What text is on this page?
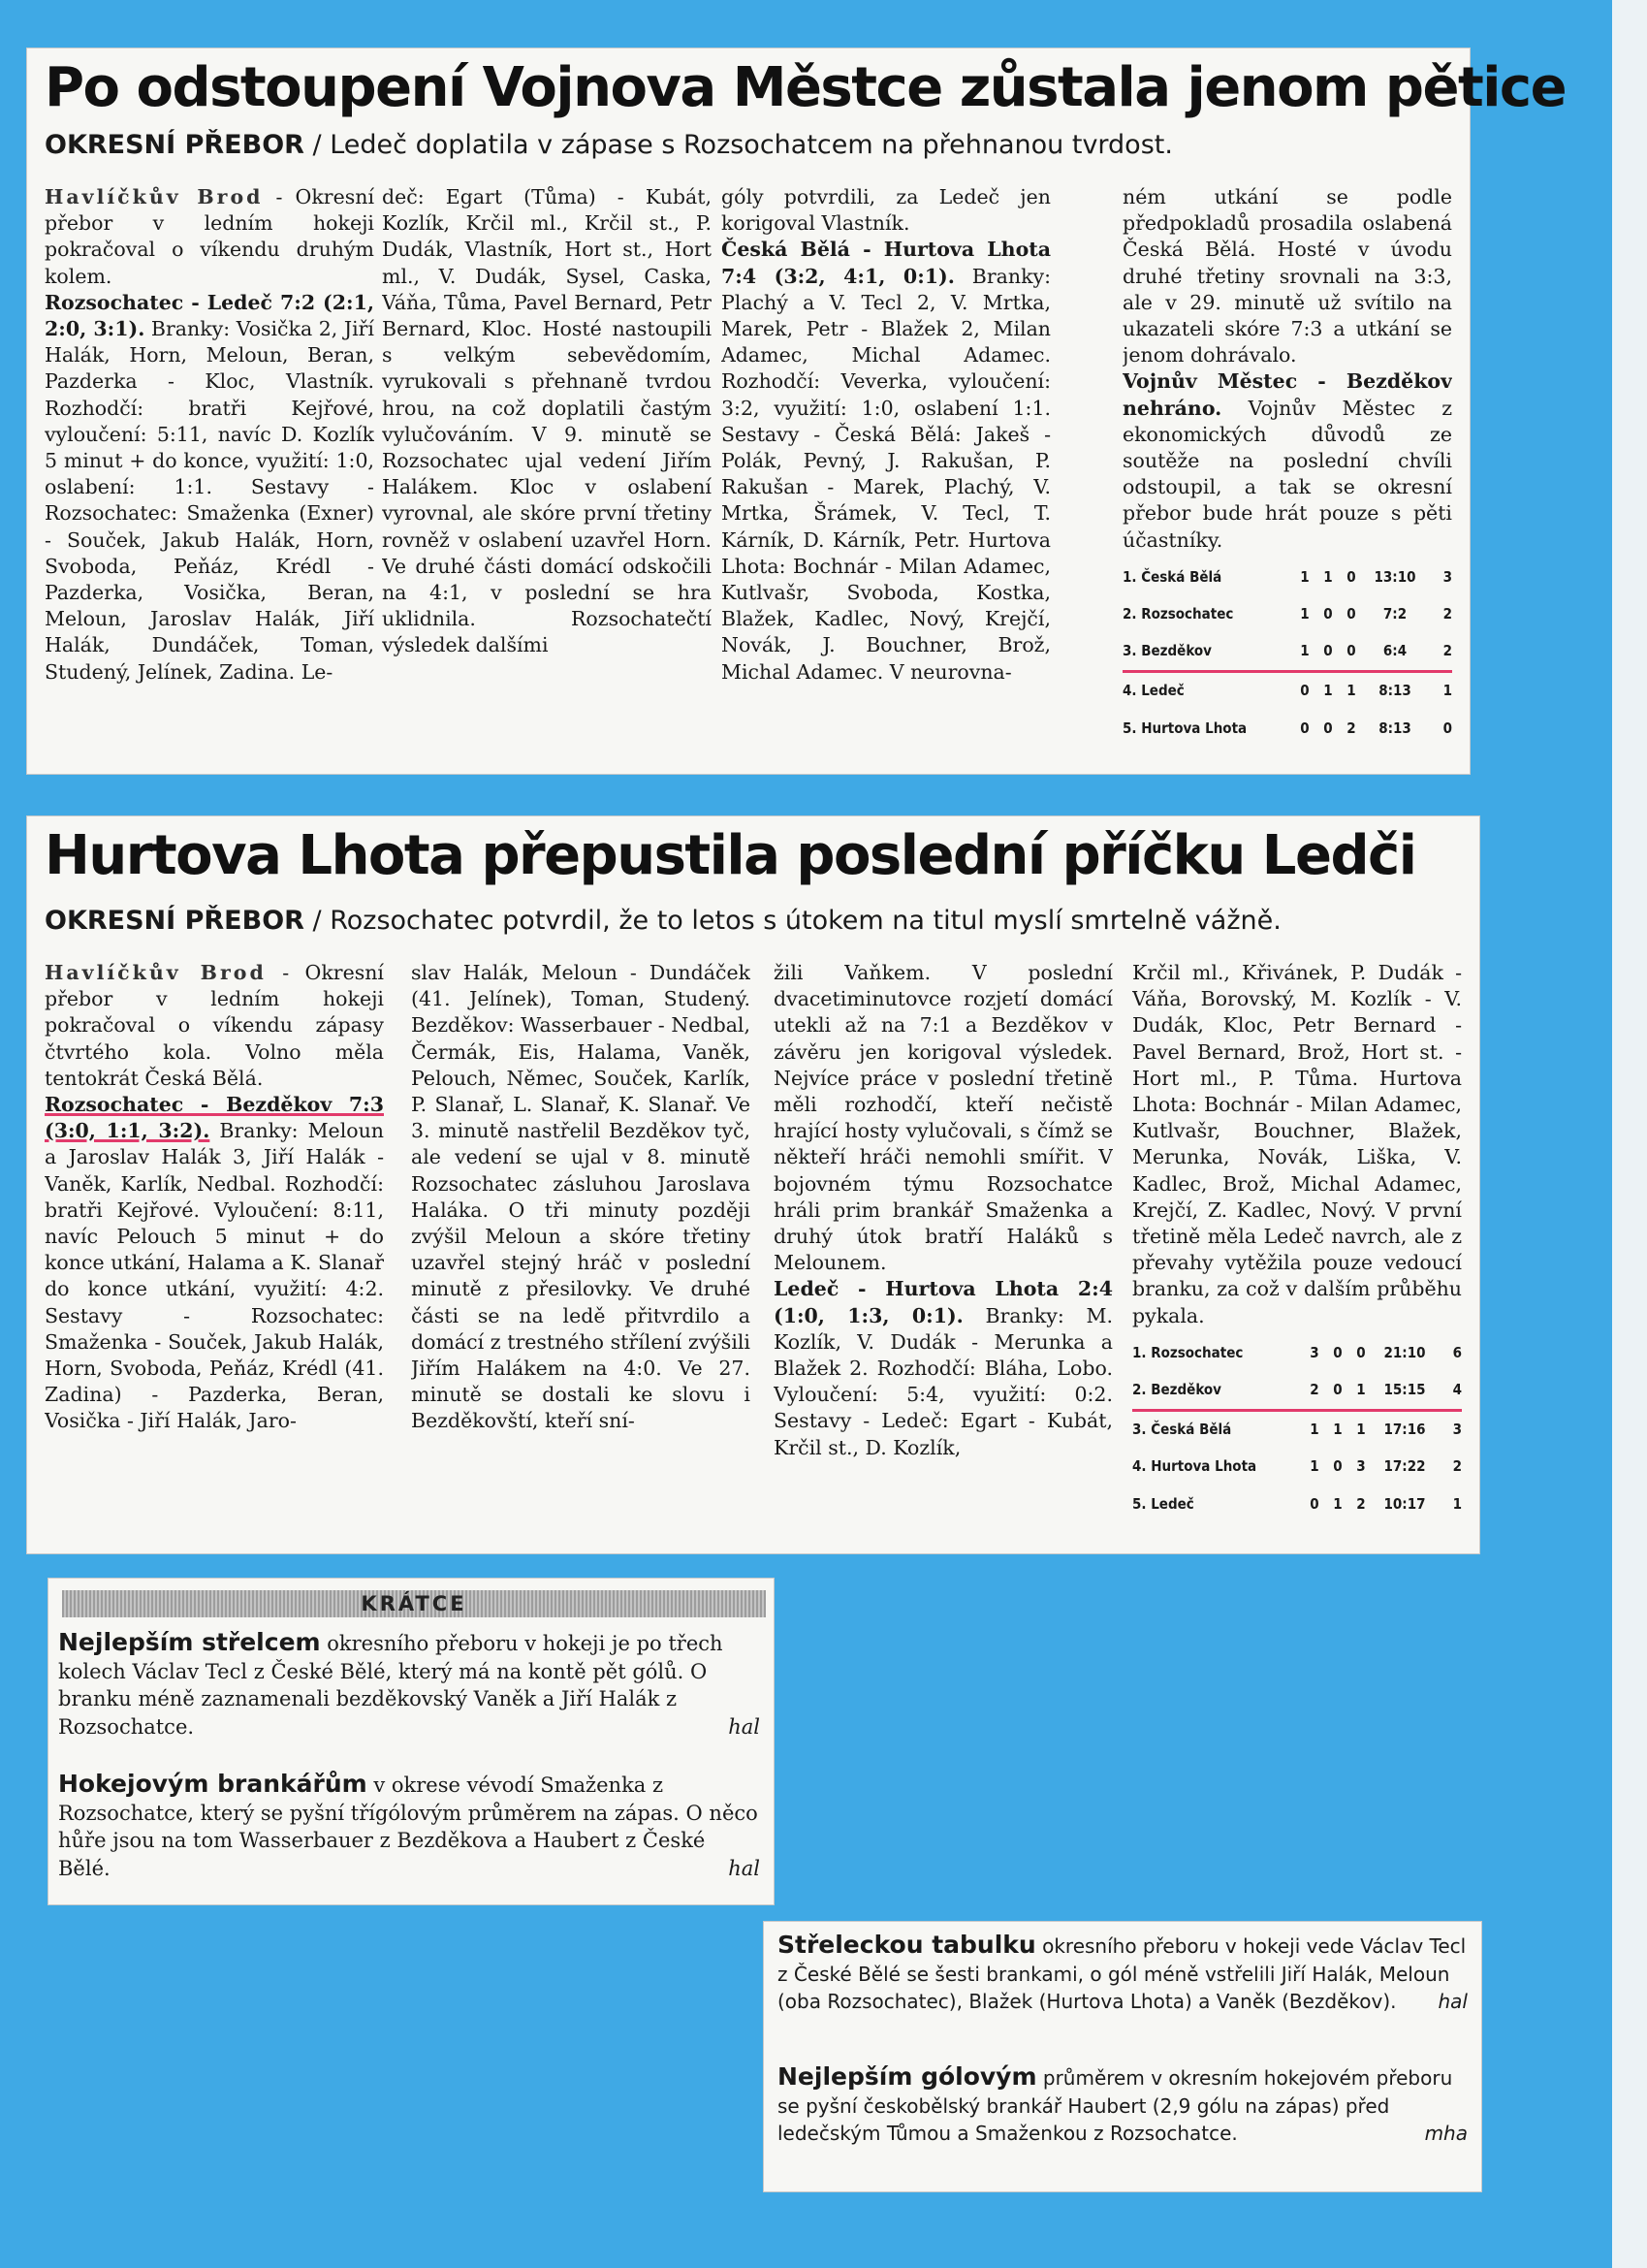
Po odstoupení Vojnova Městce zůstala jenom pětice
OKRESNÍ PŘEBOR / Ledeč doplatila v zápase s Rozsochatcem na přehnanou tvrdost.

Havlíčkův Brod - Okresní přebor v ledním hokeji pokračoval o víkendu druhým kolem.

Rozsochatec - Ledeč 7:2 (2:1, 2:0, 3:1). Branky: Vosička 2, Jiří Halák, Horn, Meloun, Beran, Pazderka - Kloc, Vlastník. Rozhodčí: bratři Kejřové, vyloučení: 5:11, navíc D. Kozlík 5 minut + do konce, využití: 1:0, oslabení: 1:1. Sestavy - Rozsochatec: Smaženka (Exner) - Souček, Jakub Halák, Horn, Svoboda, Peňáz, Krédl - Pazderka, Vosička, Beran, Meloun, Jaroslav Halák, Jiří Halák, Dundáček, Toman, Studený, Jelínek, Zadina. Le-

deč: Egart (Tůma) - Kubát, Kozlík, Krčil ml., Krčil st., P. Dudák, Vlastník, Hort st., Hort ml., V. Dudák, Sysel, Caska, Váňa, Tůma, Pavel Bernard, Petr Bernard, Kloc. Hosté nastoupili s velkým sebevědomím, vyrukovali s přehnaně tvrdou hrou, na což doplatili častým vylučováním. V 9. minutě se Rozsochatec ujal vedení Jiřím Halákem. Kloc v oslabení vyrovnal, ale skóre první třetiny rovněž v oslabení uzavřel Horn. Ve druhé části domácí odskočili na 4:1, v poslední se hra uklidnila. Rozsochatečtí výsledek dalšími

góly potvrdili, za Ledeč jen korigoval Vlastník.

Česká Bělá - Hurtova Lhota 7:4 (3:2, 4:1, 0:1). Branky: Plachý a V. Tecl 2, V. Mrtka, Marek, Petr - Blažek 2, Milan Adamec, Michal Adamec. Rozhodčí: Veverka, vyloučení: 3:2, využití: 1:0, oslabení 1:1. Sestavy - Česká Bělá: Jakeš - Polák, Pevný, J. Rakušan, P. Rakušan - Marek, Plachý, V. Mrtka, Šrámek, V. Tecl, T. Kárník, D. Kárník, Petr. Hurtova Lhota: Bochnár - Milan Adamec, Kutlvašr, Svoboda, Kostka, Blažek, Kadlec, Nový, Krejčí, Novák, J. Bouchner, Brož, Michal Adamec. V neurovna-

ném utkání se podle předpokladů prosadila oslabená Česká Bělá. Hosté v úvodu druhé třetiny srovnali na 3:3, ale v 29. minutě už svítilo na ukazateli skóre 7:3 a utkání se jenom dohrávalo.

Vojnův Městec - Bezděkov nehráno. Vojnův Městec z ekonomických důvodů ze soutěže na poslední chvíli odstoupil, a tak se okresní přebor bude hrát pouze s pěti účastníky.

1. Česká Bělá	1	1	0	13:10	3
2. Rozsochatec	1	0	0	7:2	2
3. Bezděkov	1	0	0	6:4	2
4. Ledeč	0	1	1	8:13	1
5. Hurtova Lhota	0	0	2	8:13	0
Hurtova Lhota přepustila poslední příčku Ledči
OKRESNÍ PŘEBOR / Rozsochatec potvrdil, že to letos s útokem na titul myslí smrtelně vážně.

Havlíčkův Brod - Okresní přebor v ledním hokeji pokračoval o víkendu zápasy čtvrtého kola. Volno měla tentokrát Česká Bělá.

Rozsochatec - Bezděkov 7:3 (3:0, 1:1, 3:2). Branky: Meloun a Jaroslav Halák 3, Jiří Halák - Vaněk, Karlík, Nedbal. Rozhodčí: bratři Kejřové. Vyloučení: 8:11, navíc Pelouch 5 minut + do konce utkání, Halama a K. Slanař do konce utkání, využití: 4:2. Sestavy - Rozsochatec: Smaženka - Souček, Jakub Halák, Horn, Svoboda, Peňáz, Krédl (41. Zadina) - Pazderka, Beran, Vosička - Jiří Halák, Jaro-

slav Halák, Meloun - Dundáček (41. Jelínek), Toman, Studený. Bezděkov: Wasserbauer - Nedbal, Čermák, Eis, Halama, Vaněk, Pelouch, Němec, Souček, Karlík, P. Slanař, L. Slanař, K. Slanař. Ve 3. minutě nastřelil Bezděkov tyč, ale vedení se ujal v 8. minutě Rozsochatec zásluhou Jaroslava Haláka. O tři minuty později zvýšil Meloun a skóre třetiny uzavřel stejný hráč v poslední minutě z přesilovky. Ve druhé části se na ledě přitvrdilo a domácí z trestného střílení zvýšili Jiřím Halákem na 4:0. Ve 27. minutě se dostali ke slovu i Bezděkovští, kteří sní-

žili Vaňkem. V poslední dvacetiminutovce rozjetí domácí utekli až na 7:1 a Bezděkov v závěru jen korigoval výsledek. Nejvíce práce v poslední třetině měli rozhodčí, kteří nečistě hrající hosty vylučovali, s čímž se někteří hráči nemohli smířit. V bojovném týmu Rozsochatce hráli prim brankář Smaženka a druhý útok bratří Haláků s Melounem.

Ledeč - Hurtova Lhota 2:4 (1:0, 1:3, 0:1). Branky: M. Kozlík, V. Dudák - Merunka a Blažek 2. Rozhodčí: Bláha, Lobo. Vyloučení: 5:4, využití: 0:2. Sestavy - Ledeč: Egart - Kubát, Krčil st., D. Kozlík,

Krčil ml., Křivánek, P. Dudák - Váňa, Borovský, M. Kozlík - V. Dudák, Kloc, Petr Bernard - Pavel Bernard, Brož, Hort st. - Hort ml., P. Tůma. Hurtova Lhota: Bochnár - Milan Adamec, Kutlvašr, Bouchner, Blažek, Merunka, Novák, Liška, V. Kadlec, Brož, Michal Adamec, Krejčí, Z. Kadlec, Nový. V první třetině měla Ledeč navrch, ale z převahy vytěžila pouze vedoucí branku, za což v dalším průběhu pykala.

1. Rozsochatec	3	0	0	21:10	6
2. Bezděkov	2	0	1	15:15	4
3. Česká Bělá	1	1	1	17:16	3
4. Hurtova Lhota	1	0	3	17:22	2
5. Ledeč	0	1	2	10:17	1
KRÁTCE
Nejlepším střelcem okresního přeboru v hokeji je po třech kolech Václav Tecl z České Bělé, který má na kontě pět gólů. O branku méně zaznamenali bezděkovský Vaněk a Jiří Halák z Rozsochatce.	hal
Hokejovým brankářům v okrese vévodí Smaženka z Rozsochatce, který se pyšní třígólovým průměrem na zápas. O něco hůře jsou na tom Wasserbauer z Bezděkova a Haubert z České Bělé.	hal
Střeleckou tabulku okresního přeboru v hokeji vede Václav Tecl z České Bělé se šesti brankami, o gól méně vstřelili Jiří Halák, Meloun (oba Rozsochatec), Blažek (Hurtova Lhota) a Vaněk (Bezděkov). hal
Nejlepším gólovým průměrem v okresním hokejovém přeboru se pyšní českobělský brankář Haubert (2,9 gólu na zápas) před ledečským Tůmou a Smaženkou z Rozsochatce.	mha
